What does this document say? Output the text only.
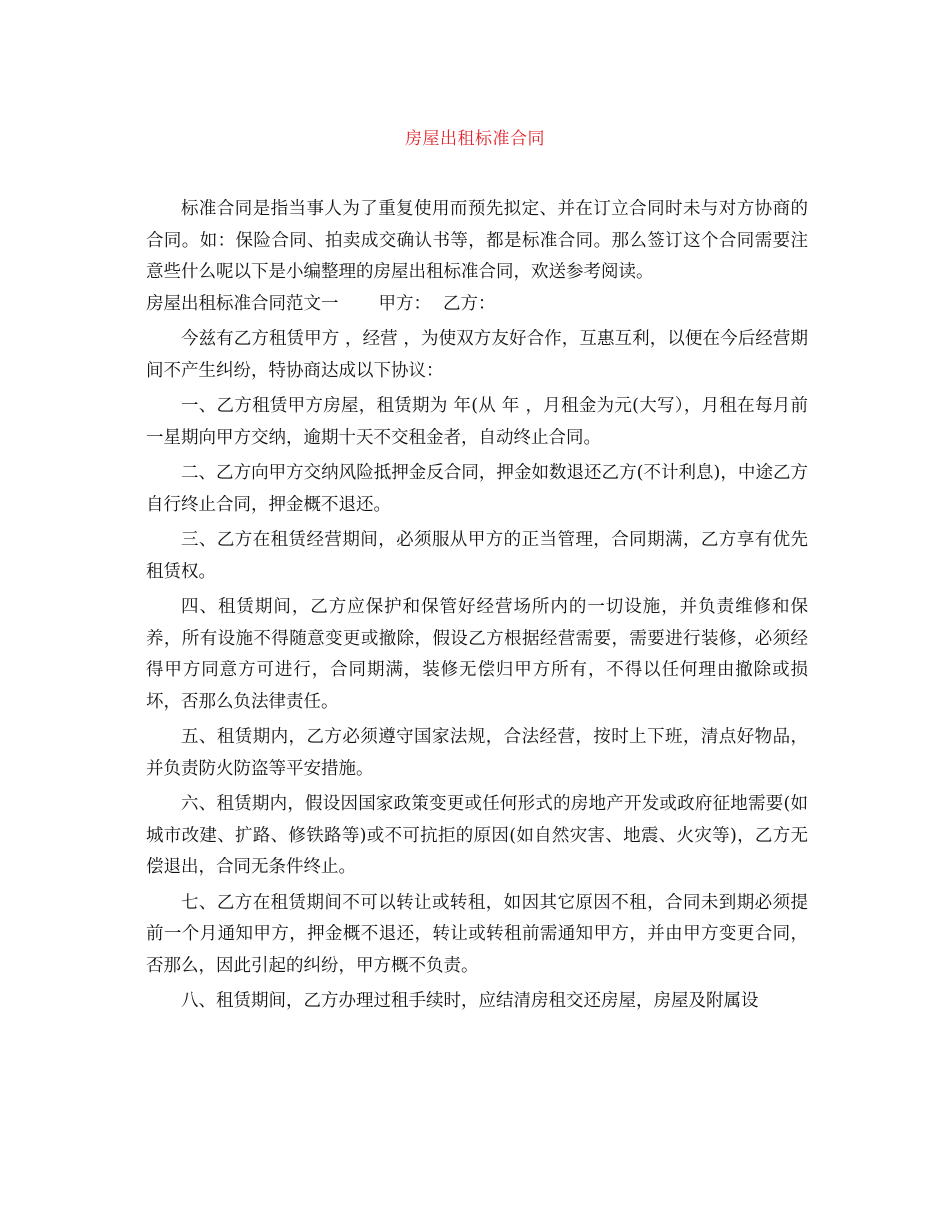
房屋出租标准合同

标准合同是指当事人为了重复使用而预先拟定、并在订立合同时未与对方协商的合同。如：保险合同、拍卖成交确认书等，都是标准合同。那么签订这个合同需要注意些什么呢以下是小编整理的房屋出租标准合同，欢送参考阅读。

房屋出租标准合同范文一 甲方： 乙方：

今兹有乙方租赁甲方 ，经营 ，为使双方友好合作，互惠互利，以便在今后经营期间不产生纠纷，特协商达成以下协议：

一、乙方租赁甲方房屋，租赁期为 年(从 年 ，月租金为元(大写），月租在每月前一星期向甲方交纳，逾期十天不交租金者，自动终止合同。

二、乙方向甲方交纳风险抵押金反合同，押金如数退还乙方(不计利息)，中途乙方自行终止合同，押金概不退还。

三、乙方在租赁经营期间，必须服从甲方的正当管理，合同期满，乙方享有优先租赁权。

四、租赁期间，乙方应保护和保管好经营场所内的一切设施，并负责维修和保养，所有设施不得随意变更或撤除，假设乙方根据经营需要，需要进行装修，必须经得甲方同意方可进行，合同期满，装修无偿归甲方所有，不得以任何理由撤除或损坏，否那么负法律责任。

五、租赁期内，乙方必须遵守国家法规，合法经营，按时上下班，清点好物品，并负责防火防盗等平安措施。

六、租赁期内，假设因国家政策变更或任何形式的房地产开发或政府征地需要(如城市改建、扩路、修铁路等)或不可抗拒的原因(如自然灾害、地震、火灾等)，乙方无偿退出，合同无条件终止。

七、乙方在租赁期间不可以转让或转租，如因其它原因不租，合同未到期必须提前一个月通知甲方，押金概不退还，转让或转租前需通知甲方，并由甲方变更合同，否那么，因此引起的纠纷，甲方概不负责。

八、租赁期间，乙方办理过租手续时，应结清房租交还房屋，房屋及附属设
